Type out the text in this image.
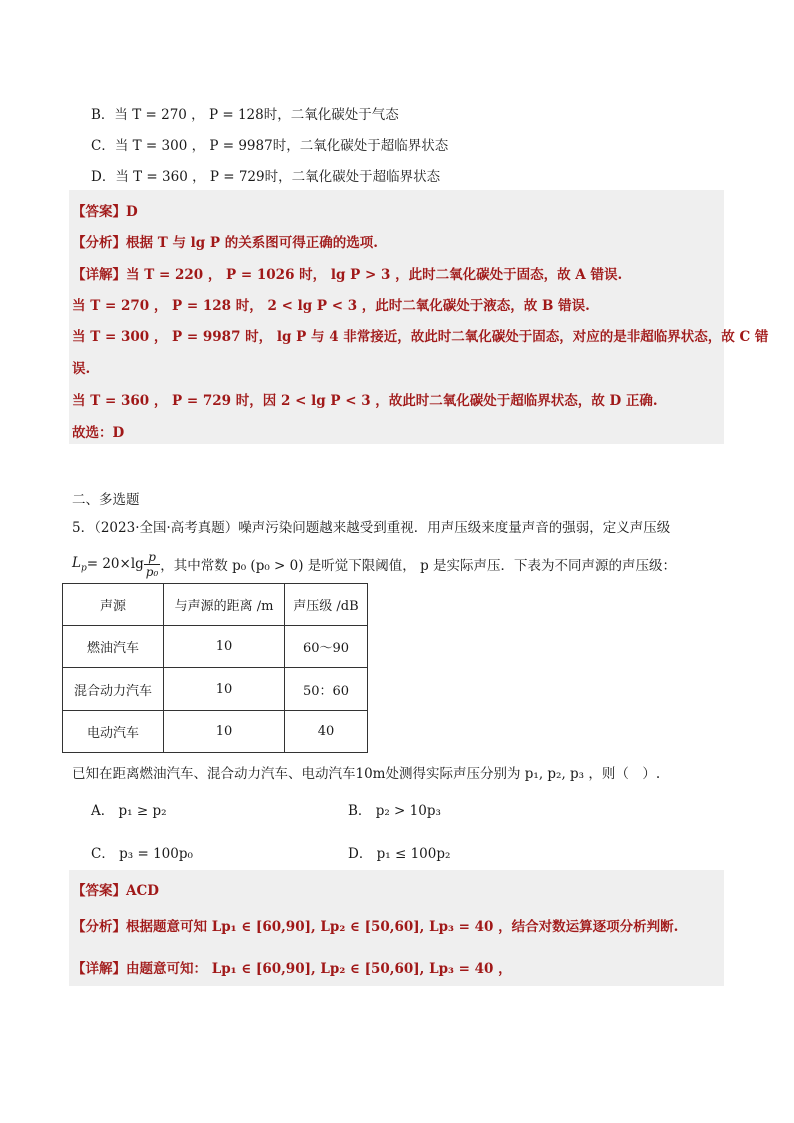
B．当 T = 270 ， P = 128时，二氧化碳处于气态
C．当 T = 300 ， P = 9987时，二氧化碳处于超临界状态
D．当 T = 360 ， P = 729时，二氧化碳处于超临界状态
【答案】D
【分析】根据 T 与 lg P 的关系图可得正确的选项.
【详解】当 T = 220 ， P = 1026 时， lg P > 3 ，此时二氧化碳处于固态，故 A 错误.
当 T = 270 ， P = 128 时， 2 < lg P < 3 ，此时二氧化碳处于液态，故 B 错误.
当 T = 300 ， P = 9987 时， lg P 与 4 非常接近，故此时二氧化碳处于固态，对应的是非超临界状态，故 C 错
误.
当 T = 360 ， P = 729 时，因 2 < lg P < 3 ，故此时二氧化碳处于超临界状态，故 D 正确.
故选：D
二、多选题
5．（2023·全国·高考真题）噪声污染问题越来越受到重视．用声压级来度量声音的强弱，定义声压级
$L_p = 20\times\lg \frac{p}{\text{p₀}}$ ，其中常数 p₀ (p₀ > 0) 是听觉下限阈值， p 是实际声压．下表为不同声源的声压级：
声源	与声源的距离 /m	声压级 /dB
燃油汽车	10	60～90
混合动力汽车	10	50：60
电动汽车	10	40
已知在距离燃油汽车、混合动力汽车、电动汽车10m处测得实际声压分别为 p₁, p₂, p₃ ，则（　）.
A． p₁ ≥ p₂	B． p₂ > 10p₃
C． p₃ = 100p₀	D． p₁ ≤ 100p₂
【答案】ACD
【分析】根据题意可知 Lp₁ ∈ [60,90], Lp₂ ∈ [50,60], Lp₃ = 40 ，结合对数运算逐项分析判断.
【详解】由题意可知： Lp₁ ∈ [60,90], Lp₂ ∈ [50,60], Lp₃ = 40 ，
